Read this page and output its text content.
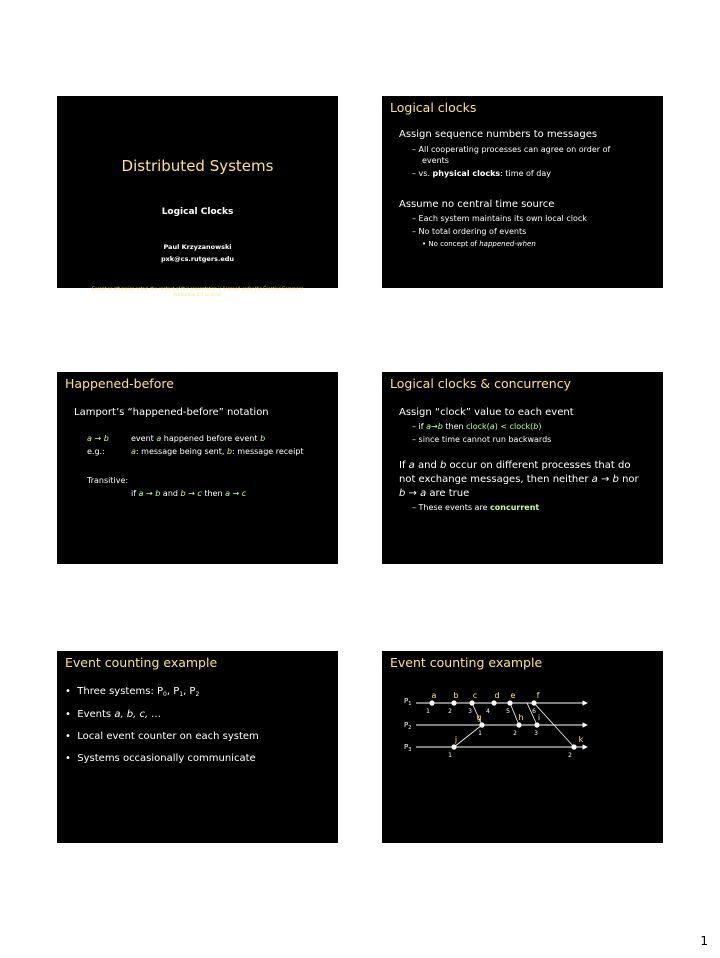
Distributed Systems
Logical Clocks
Paul Krzyzanowski
pxk@cs.rutgers.edu
Except as otherwise noted, the content of this presentation is licensed under the Creative Commons
Attribution 2.5 License.
Logical clocks
Assign sequence numbers to messages
– All cooperating processes can agree on order of
events
– vs. physical clocks: time of day
Assume no central time source
– Each system maintains its own local clock
– No total ordering of events
• No concept of happened-when
Happened-before
Lamport’s “happened-before” notation
a → b	event a happened before event b
e.g.:	a: message being sent, b: message receipt
Transitive:
if a → b and b → c then a → c
Logical clocks & concurrency
Assign “clock” value to each event
– if a→b then clock(a) < clock(b)
– since time cannot run backwards
If a and b occur on different processes that do
not exchange messages, then neither a → b nor
b → a are true
– These events are concurrent
Event counting example
•  Three systems: $P_0$, $P_1$, $P_2$
•  Events a, b, c, …
•  Local event counter on each system
•  Systems occasionally communicate
Event counting example
$P_1$
$P_2$
$P_3$
a b c d e	f
g	h i
j	k
1	2	3 4	5	6
1	2	3
1	2
1
